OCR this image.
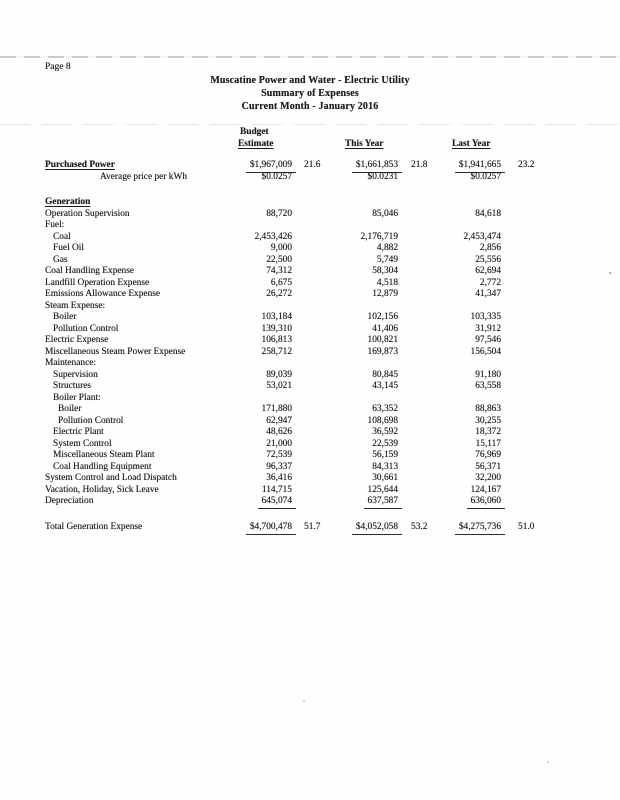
Page 8
Muscatine Power and Water - Electric Utility
Summary of Expenses
Current Month - January 2016
Budget
Estimate	This Year	Last Year
Purchased Power	$1,967,009 21.6	$1,661,853 21.8	$1,941,665 23.2
Average price per kWh	$0.0257	$0.0231	$0.0257
Generation
Operation Supervision	88,720	85,046	84,618
Fuel:
Coal	2,453,426	2,176,719	2,453,474
Fuel Oil	9,000	4,882	2,856
Gas	22,500	5,749	25,556
Coal Handling Expense	74,312	58,304	62,694
Landfill Operation Expense	6,675	4,518	2,772
Emissions Allowance Expense	26,272	12,879	41,347
Steam Expense:
Boiler	103,184	102,156	103,335
Pollution Control	139,310	41,406	31,912
Electric Expense	106,813	100,821	97,546
Miscellaneous Steam Power Expense	258,712	169,873	156,504
Maintenance:
Supervision	89,039	80,845	91,180
Structures	53,021	43,145	63,558
Boiler Plant:
Boiler	171,880	63,352	88,863
Pollution Control	62,947	108,698	30,255
Electric Plant	48,626	36,592	18,372
System Control	21,000	22,539	15,117
Miscellaneous Steam Plant	72,539	56,159	76,969
Coal Handling Equipment	96,337	84,313	56,371
System Control and Load Dispatch	36,416	30,661	32,200
Vacation, Holiday, Sick Leave	114,715	125,644	124,167
Depreciation	645,074	637,587	636,060
Total Generation Expense	$4,700,478 51.7	$4,052,058 53.2	$4,275,736 51.0
